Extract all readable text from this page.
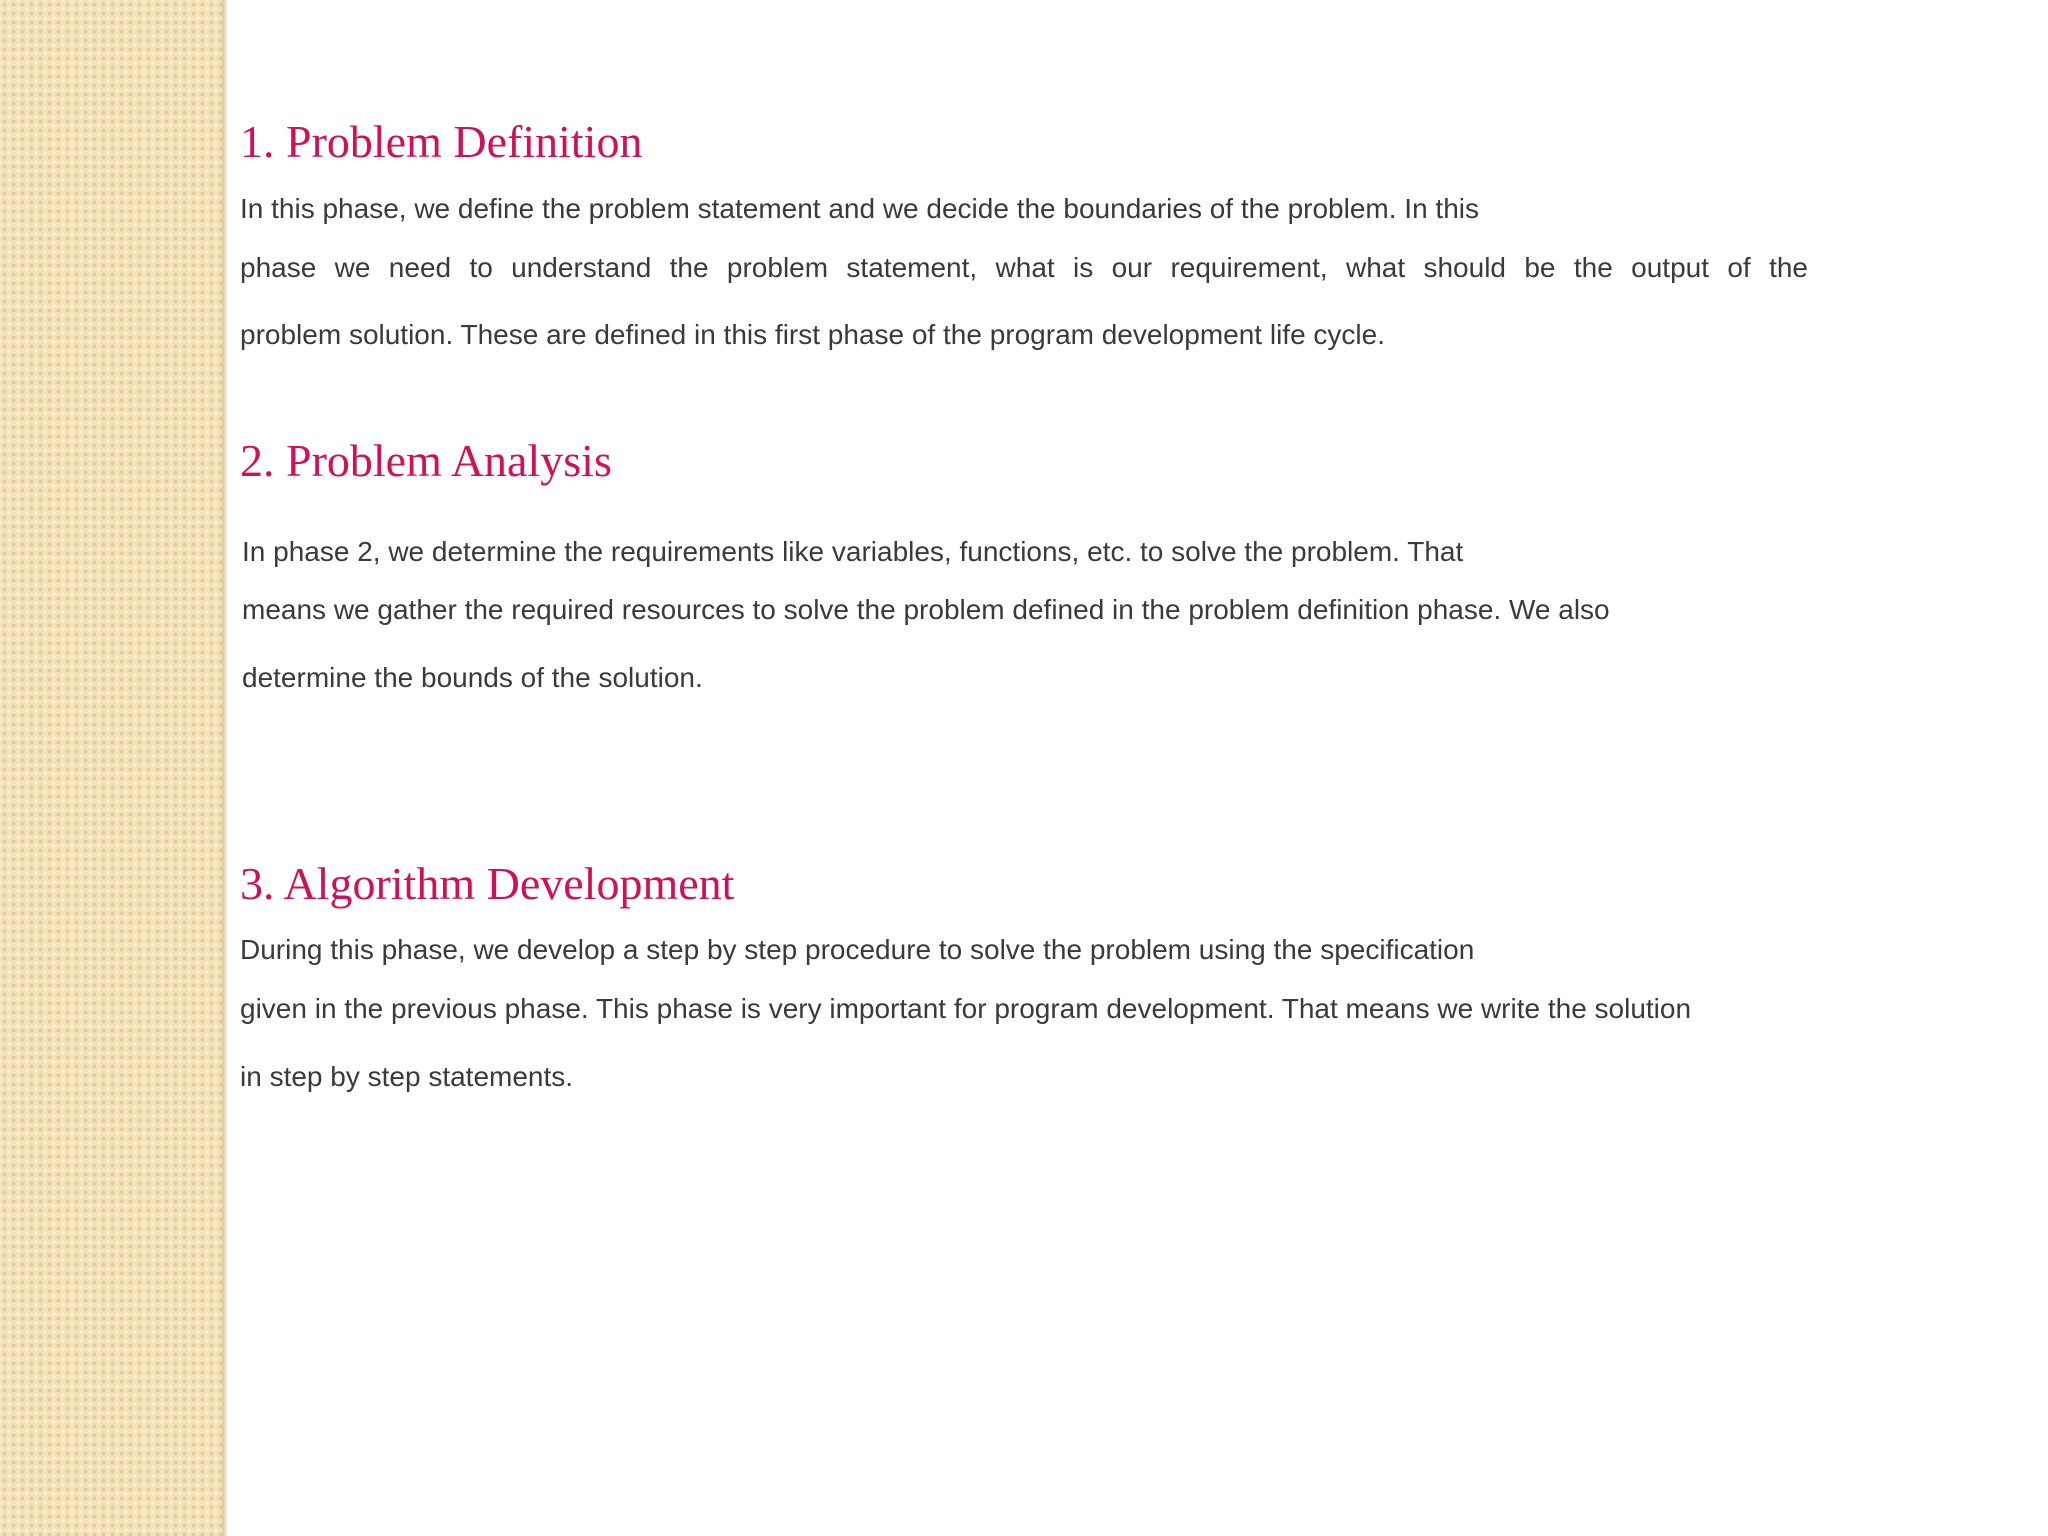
1. Problem Definition

In this phase, we define the problem statement and we decide the boundaries of the problem. In this

phase we need to understand the problem statement, what is our requirement, what should be the output of the

problem solution. These are defined in this first phase of the program development life cycle.

2. Problem Analysis

In phase 2, we determine the requirements like variables, functions, etc. to solve the problem. That

means we gather the required resources to solve the problem defined in the problem definition phase. We also

determine the bounds of the solution.

3. Algorithm Development

During this phase, we develop a step by step procedure to solve the problem using the specification

given in the previous phase. This phase is very important for program development. That means we write the solution

in step by step statements.
